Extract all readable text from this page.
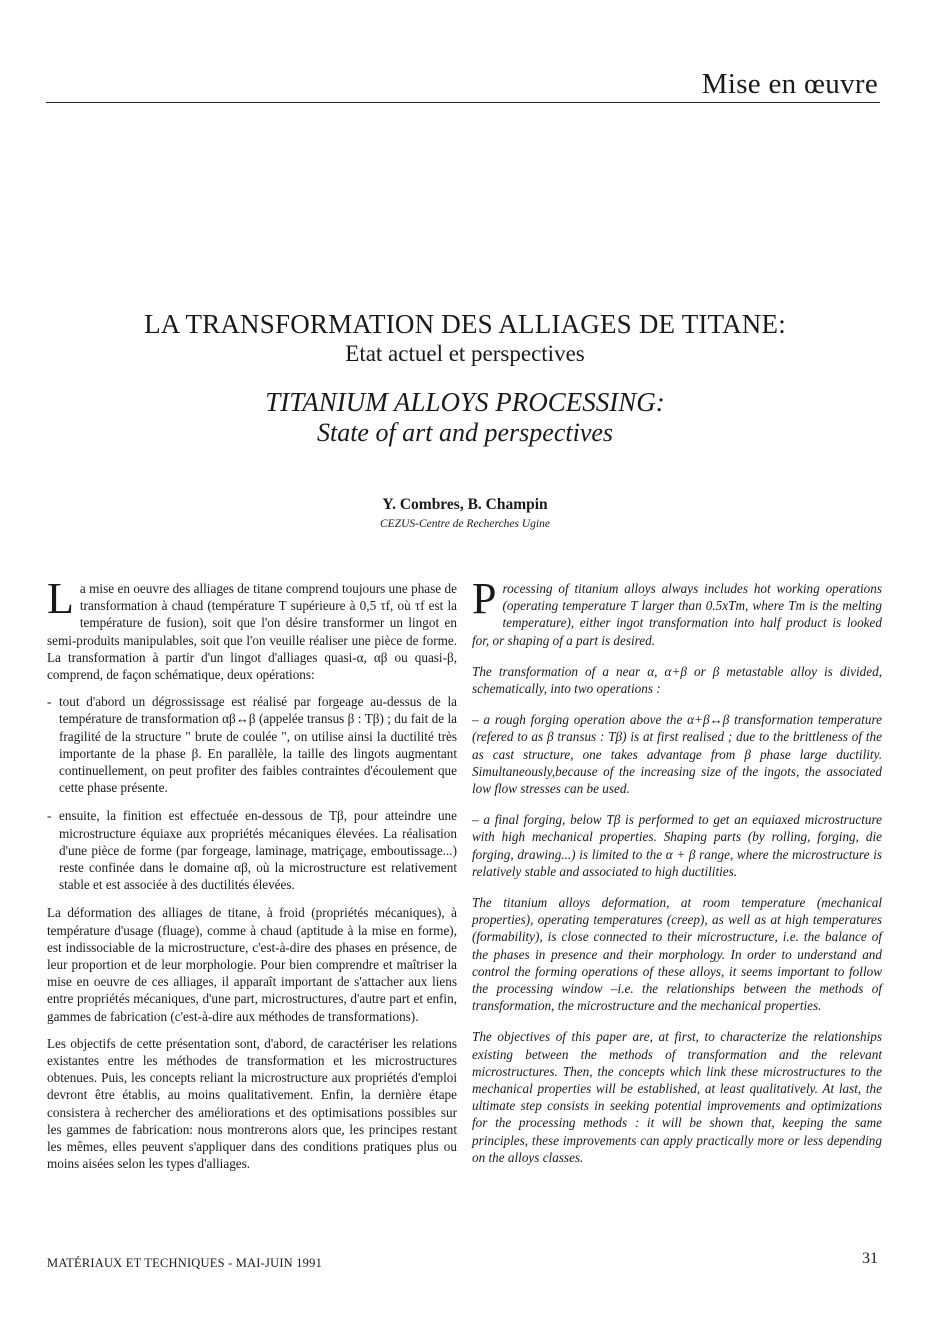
Mise en œuvre
LA TRANSFORMATION DES ALLIAGES DE TITANE:
Etat actuel et perspectives
TITANIUM ALLOYS PROCESSING:
State of art and perspectives
Y. Combres, B. Champin
CEZUS-Centre de Recherches Ugine

L a mise en oeuvre des alliages de titane comprend toujours une phase de transformation à chaud (température T supérieure à 0,5 τf, où τf est la température de fusion), soit que l'on désire transformer un lingot en semi-produits manipulables, soit que l'on veuille réaliser une pièce de forme. La transformation à partir d'un lingot d'alliages quasi-α, αβ ou quasi-β, comprend, de façon schématique, deux opérations:

- tout d'abord un dégrossissage est réalisé par forgeage au-dessus de la température de transformation αβ↔β (appelée transus β : Tβ) ; du fait de la fragilité de la structure " brute de coulée ", on utilise ainsi la ductilité très importante de la phase β. En parallèle, la taille des lingots augmentant continuellement, on peut profiter des faibles contraintes d'écoulement que cette phase présente.
- ensuite, la finition est effectuée en-dessous de Tβ, pour atteindre une microstructure équiaxe aux propriétés mécaniques élevées. La réalisation d'une pièce de forme (par forgeage, laminage, matriçage, emboutissage...) reste confinée dans le domaine αβ, où la microstructure est relativement stable et est associée à des ductilités élevées.

La déformation des alliages de titane, à froid (propriétés mécaniques), à température d'usage (fluage), comme à chaud (aptitude à la mise en forme), est indissociable de la microstructure, c'est-à-dire des phases en présence, de leur proportion et de leur morphologie. Pour bien comprendre et maîtriser la mise en oeuvre de ces alliages, il apparaît important de s'attacher aux liens entre propriétés mécaniques, d'une part, microstructures, d'autre part et enfin, gammes de fabrication (c'est-à-dire aux méthodes de transformations).

Les objectifs de cette présentation sont, d'abord, de caractériser les relations existantes entre les méthodes de transformation et les microstructures obtenues. Puis, les concepts reliant la microstructure aux propriétés d'emploi devront être établis, au moins qualitativement. Enfin, la dernière étape consistera à rechercher des améliorations et des optimisations possibles sur les gammes de fabrication: nous montrerons alors que, les principes restant les mêmes, elles peuvent s'appliquer dans des conditions pratiques plus ou moins aisées selon les types d'alliages.

P rocessing of titanium alloys always includes hot working operations (operating temperature T larger than 0.5xTm, where Tm is the melting temperature), either ingot transformation into half product is looked for, or shaping of a part is desired.

The transformation of a near α, α+β or β metastable alloy is divided, schematically, into two operations :

– a rough forging operation above the α+β↔β transformation temperature (refered to as β transus : Tβ) is at first realised ; due to the brittleness of the as cast structure, one takes advantage from β phase large ductility. Simultaneously,because of the increasing size of the ingots, the associated low flow stresses can be used.

– a final forging, below Tβ is performed to get an equiaxed microstructure with high mechanical properties. Shaping parts (by rolling, forging, die forging, drawing...) is limited to the α + β range, where the microstructure is relatively stable and associated to high ductilities.

The titanium alloys deformation, at room temperature (mechanical properties), operating temperatures (creep), as well as at high temperatures (formability), is close connected to their microstructure, i.e. the balance of the phases in presence and their morphology. In order to understand and control the forming operations of these alloys, it seems important to follow the processing window –i.e. the relationships between the methods of transformation, the microstructure and the mechanical properties.

The objectives of this paper are, at first, to characterize the relationships existing between the methods of transformation and the relevant microstructures. Then, the concepts which link these microstructures to the mechanical properties will be established, at least qualitatively. At last, the ultimate step consists in seeking potential improvements and optimizations for the processing methods : it will be shown that, keeping the same principles, these improvements can apply practically more or less depending on the alloys classes.

MATÉRIAUX ET TECHNIQUES - MAI-JUIN 1991	31
